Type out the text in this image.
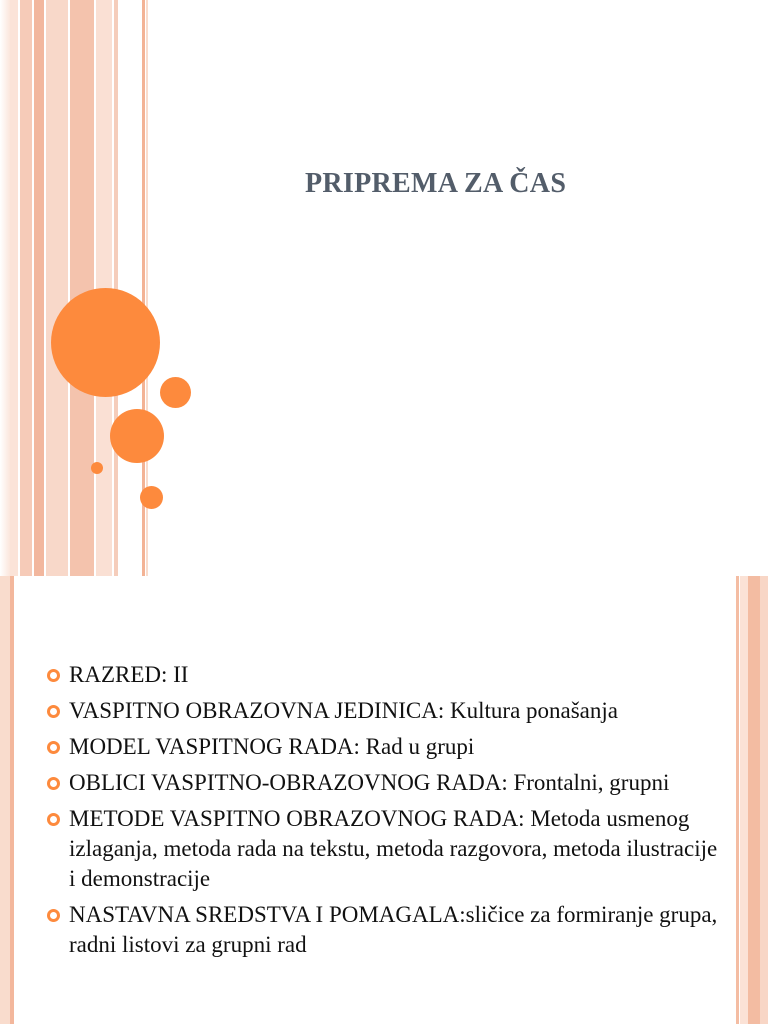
PRIPREMA ZA ČAS
RAZRED: II
VASPITNO OBRAZOVNA JEDINICA: Kultura ponašanja
MODEL VASPITNOG RADA: Rad u grupi
OBLICI VASPITNO-OBRAZOVNOG RADA: Frontalni, grupni
METODE VASPITNO OBRAZOVNOG RADA: Metoda usmenog izlaganja, metoda rada na tekstu, metoda razgovora, metoda ilustracije i demonstracije
NASTAVNA SREDSTVA I POMAGALA:sličice za formiranje grupa, radni listovi za grupni rad
